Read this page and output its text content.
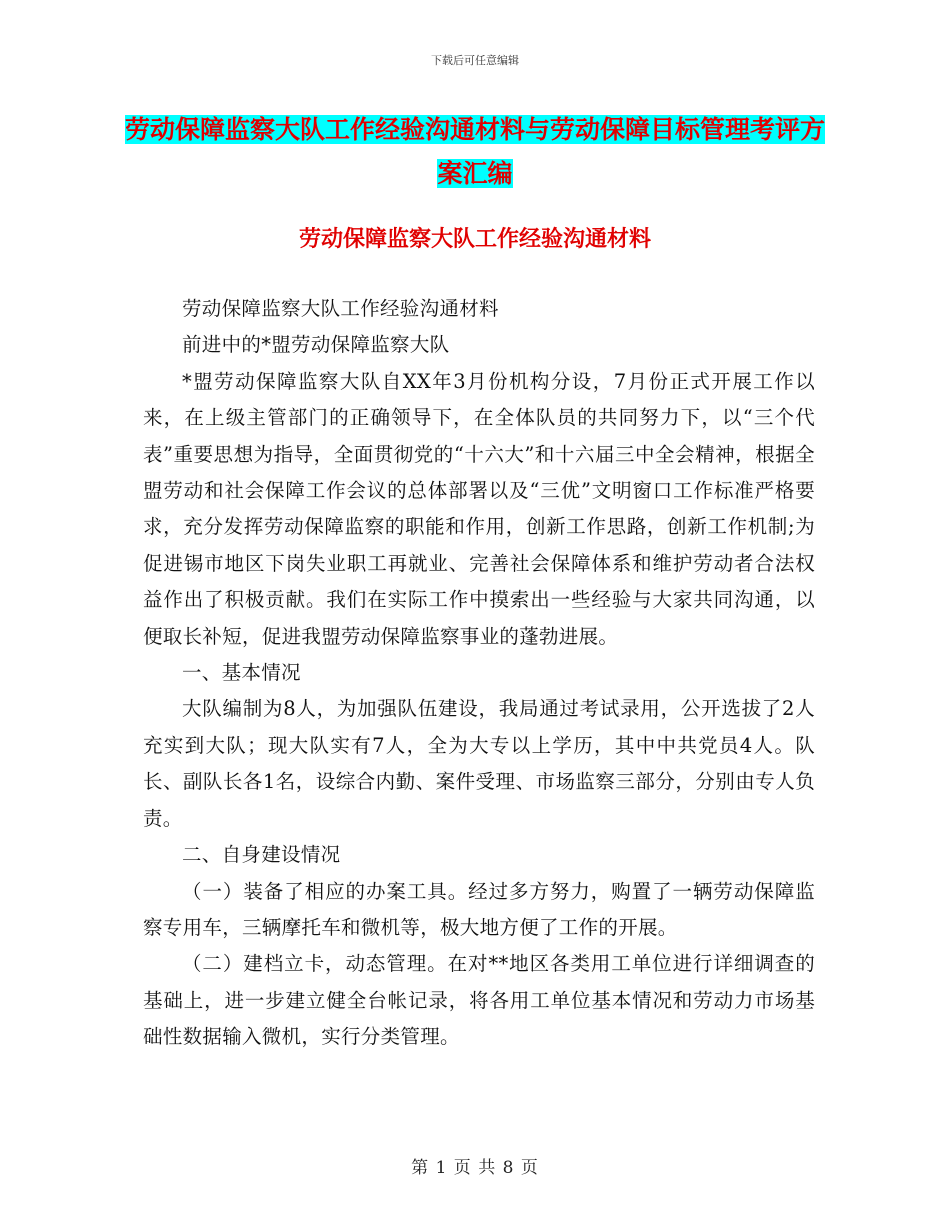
下载后可任意编辑
劳动保障监察大队工作经验沟通材料与劳动保障目标管理考评方案汇编
劳动保障监察大队工作经验沟通材料

劳动保障监察大队工作经验沟通材料

前进中的*盟劳动保障监察大队

*盟劳动保障监察大队自XX年3月份机构分设，7月份正式开展工作以来，在上级主管部门的正确领导下，在全体队员的共同努力下，以“三个代表”重要思想为指导，全面贯彻党的“十六大”和十六届三中全会精神，根据全盟劳动和社会保障工作会议的总体部署以及“三优”文明窗口工作标准严格要求，充分发挥劳动保障监察的职能和作用，创新工作思路，创新工作机制;为促进锡市地区下岗失业职工再就业、完善社会保障体系和维护劳动者合法权益作出了积极贡献。我们在实际工作中摸索出一些经验与大家共同沟通，以便取长补短，促进我盟劳动保障监察事业的蓬勃进展。

一、基本情况

大队编制为8人，为加强队伍建设，我局通过考试录用，公开选拔了2人充实到大队；现大队实有7人，全为大专以上学历，其中中共党员4人。队长、副队长各1名，设综合内勤、案件受理、市场监察三部分，分别由专人负责。

二、自身建设情况

（一）装备了相应的办案工具。经过多方努力，购置了一辆劳动保障监察专用车，三辆摩托车和微机等，极大地方便了工作的开展。

（二）建档立卡，动态管理。在对**地区各类用工单位进行详细调查的基础上，进一步建立健全台帐记录，将各用工单位基本情况和劳动力市场基础性数据输入微机，实行分类管理。

第 1 页 共 8 页
